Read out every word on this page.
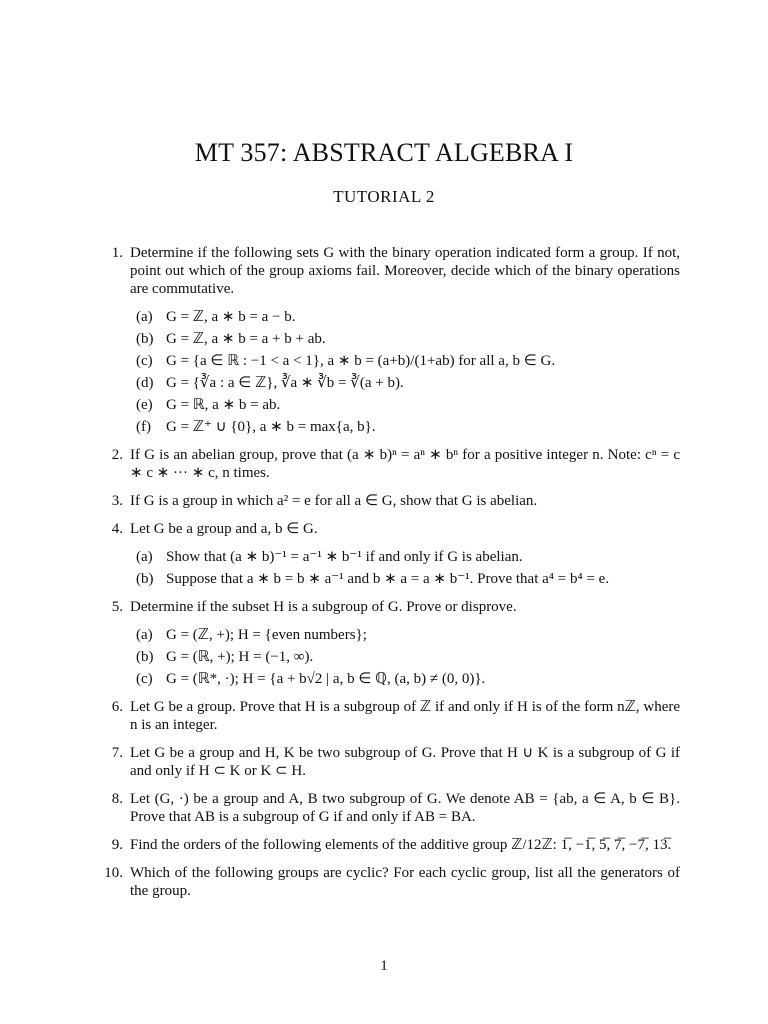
MT 357: ABSTRACT ALGEBRA I
TUTORIAL 2
1. Determine if the following sets G with the binary operation indicated form a group. If not, point out which of the group axioms fail. Moreover, decide which of the binary operations are commutative.
(a) G = ℤ, a ∗ b = a − b.
(b) G = ℤ, a ∗ b = a + b + ab.
(c) G = {a ∈ ℝ : −1 < a < 1}, a ∗ b = (a+b)/(1+ab) for all a, b ∈ G.
(d) G = {∛a : a ∈ ℤ}, ∛a ∗ ∛b = ∛(a + b).
(e) G = ℝ, a ∗ b = ab.
(f) G = ℤ⁺ ∪ {0}, a ∗ b = max{a, b}.
2. If G is an abelian group, prove that (a ∗ b)ⁿ = aⁿ ∗ bⁿ for a positive integer n. Note: cⁿ = c ∗ c ∗ ··· ∗ c, n times.
3. If G is a group in which a² = e for all a ∈ G, show that G is abelian.
4. Let G be a group and a, b ∈ G.
(a) Show that (a ∗ b)⁻¹ = a⁻¹ ∗ b⁻¹ if and only if G is abelian.
(b) Suppose that a ∗ b = b ∗ a⁻¹ and b ∗ a = a ∗ b⁻¹. Prove that a⁴ = b⁴ = e.
5. Determine if the subset H is a subgroup of G. Prove or disprove.
(a) G = (ℤ, +); H = {even numbers};
(b) G = (ℝ, +); H = (−1, ∞).
(c) G = (ℝ*, ·); H = {a + b√2 | a, b ∈ ℚ, (a, b) ≠ (0, 0)}.
6. Let G be a group. Prove that H is a subgroup of ℤ if and only if H is of the form nℤ, where n is an integer.
7. Let G be a group and H, K be two subgroup of G. Prove that H ∪ K is a subgroup of G if and only if H ⊂ K or K ⊂ H.
8. Let (G, ·) be a group and A, B two subgroup of G. We denote AB = {ab, a ∈ A, b ∈ B}. Prove that AB is a subgroup of G if and only if AB = BA.
9. Find the orders of the following elements of the additive group ℤ/12ℤ: 1̅, −1̅, 5̅, 7̅, −7̅, 13̅.
10. Which of the following groups are cyclic? For each cyclic group, list all the generators of the group.
1
